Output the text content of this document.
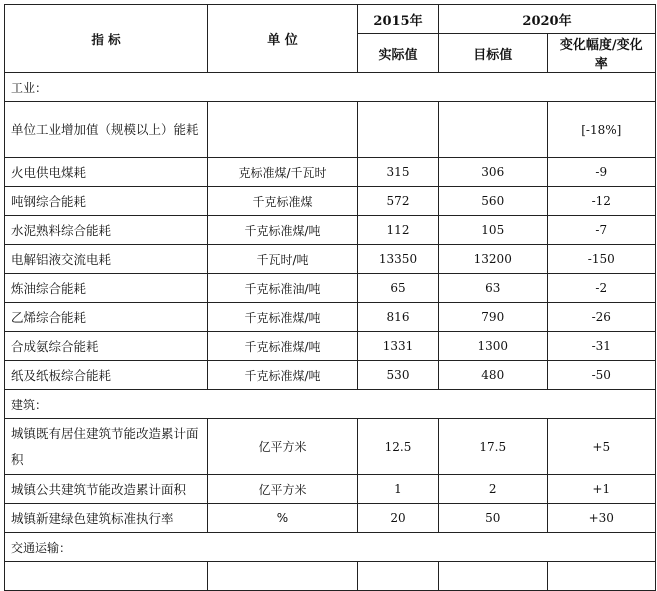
指 标	单 位	2015年	2020年	
		实际值	目标值	变化幅度/变化率
工业：				
单位工业增加值（规模以上）能耗				[-18%]
火电供电煤耗	克标准煤/千瓦时	315	306	-9
吨钢综合能耗	千克标准煤	572	560	-12
水泥熟料综合能耗	千克标准煤/吨	112	105	-7
电解铝液交流电耗	千瓦时/吨	13350	13200	-150
炼油综合能耗	千克标准油/吨	65	63	-2
乙烯综合能耗	千克标准煤/吨	816	790	-26
合成氨综合能耗	千克标准煤/吨	1331	1300	-31
纸及纸板综合能耗	千克标准煤/吨	530	480	-50
建筑：				
城镇既有居住建筑节能改造累计面积	亿平方米	12.5	17.5	+5
城镇公共建筑节能改造累计面积	亿平方米	1	2	+1
城镇新建绿色建筑标准执行率	%	20	50	+30
交通运输：				
